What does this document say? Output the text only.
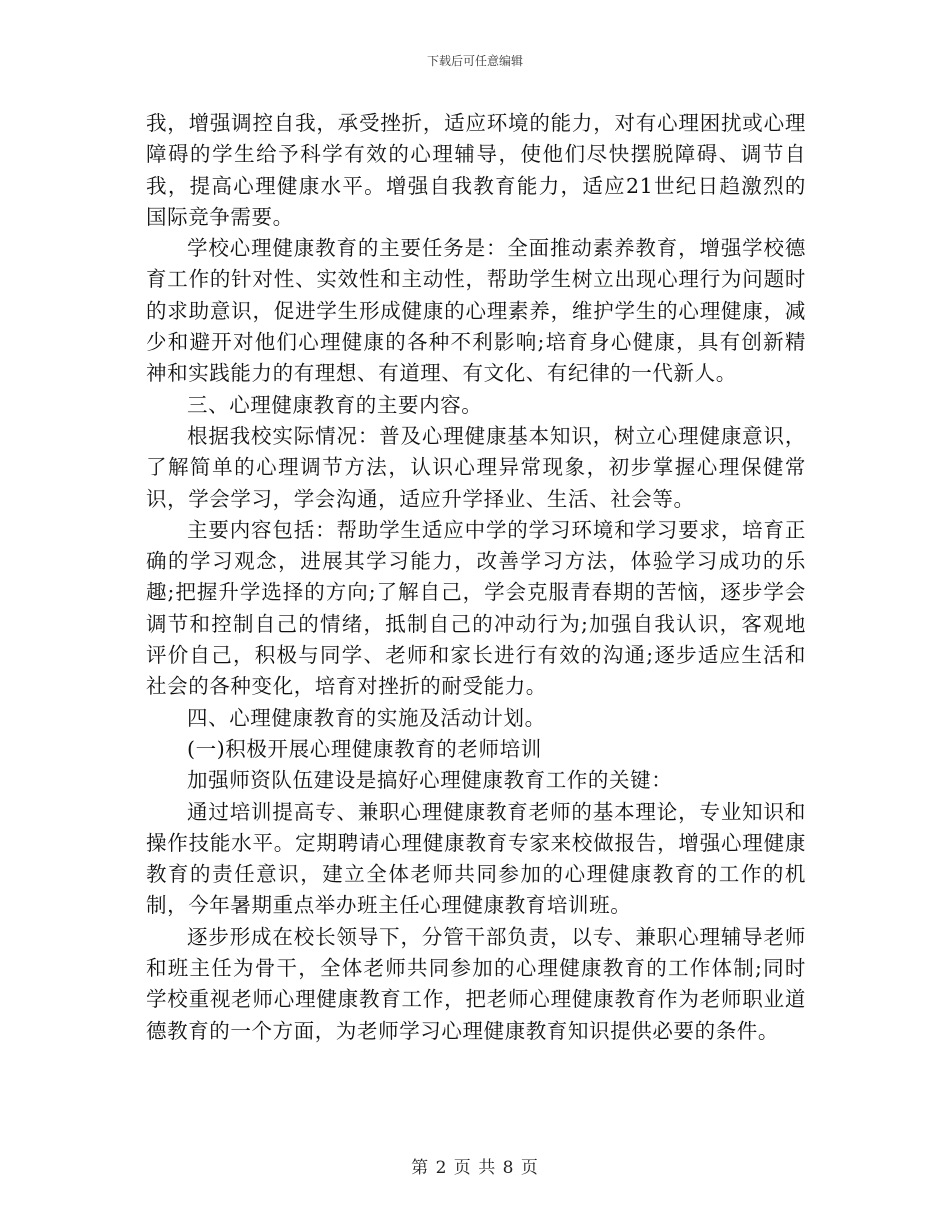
下载后可任意编辑

我，增强调控自我，承受挫折，适应环境的能力，对有心理困扰或心理障碍的学生给予科学有效的心理辅导，使他们尽快摆脱障碍、调节自我，提高心理健康水平。增强自我教育能力，适应21世纪日趋激烈的国际竞争需要。

学校心理健康教育的主要任务是：全面推动素养教育，增强学校德育工作的针对性、实效性和主动性，帮助学生树立出现心理行为问题时的求助意识，促进学生形成健康的心理素养，维护学生的心理健康，减少和避开对他们心理健康的各种不利影响;培育身心健康，具有创新精神和实践能力的有理想、有道理、有文化、有纪律的一代新人。

三、心理健康教育的主要内容。

根据我校实际情况：普及心理健康基本知识，树立心理健康意识，了解简单的心理调节方法，认识心理异常现象，初步掌握心理保健常识，学会学习，学会沟通，适应升学择业、生活、社会等。

主要内容包括：帮助学生适应中学的学习环境和学习要求，培育正确的学习观念，进展其学习能力，改善学习方法，体验学习成功的乐趣;把握升学选择的方向;了解自己，学会克服青春期的苦恼，逐步学会调节和控制自己的情绪，抵制自己的冲动行为;加强自我认识，客观地评价自己，积极与同学、老师和家长进行有效的沟通;逐步适应生活和社会的各种变化，培育对挫折的耐受能力。

四、心理健康教育的实施及活动计划。

(一)积极开展心理健康教育的老师培训

加强师资队伍建设是搞好心理健康教育工作的关键：

通过培训提高专、兼职心理健康教育老师的基本理论，专业知识和操作技能水平。定期聘请心理健康教育专家来校做报告，增强心理健康教育的责任意识，建立全体老师共同参加的心理健康教育的工作的机制，今年暑期重点举办班主任心理健康教育培训班。

逐步形成在校长领导下，分管干部负责，以专、兼职心理辅导老师和班主任为骨干，全体老师共同参加的心理健康教育的工作体制;同时学校重视老师心理健康教育工作，把老师心理健康教育作为老师职业道德教育的一个方面，为老师学习心理健康教育知识提供必要的条件。

第 2 页 共 8 页
